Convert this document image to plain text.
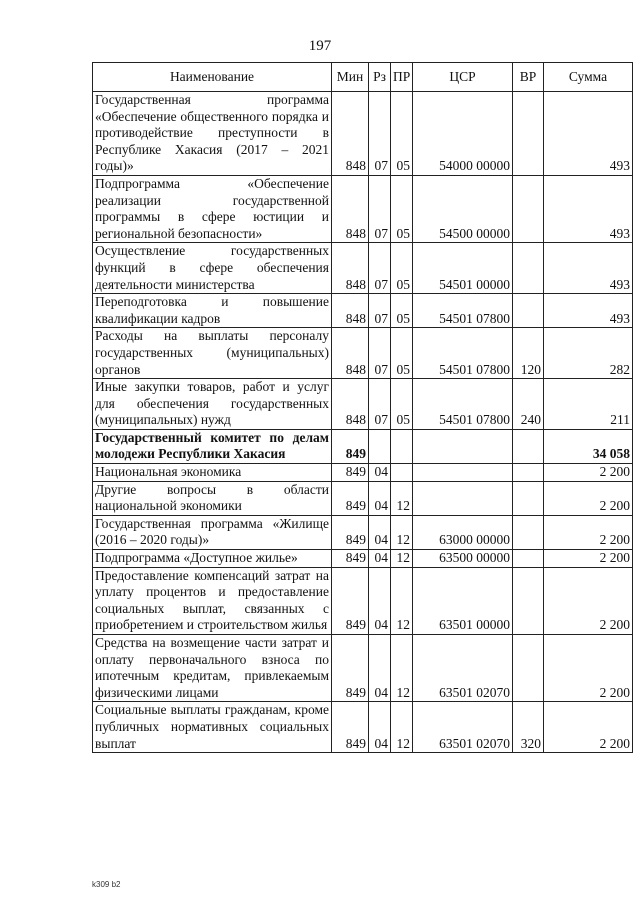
197
Наименование	Мин	Рз	ПР	ЦСР	ВР	Сумма
Государственная программа «Обеспечение общественного порядка и противодействие преступности в Республике Хакасия (2017 – 2021 годы)»	848	07	05	54000 00000		493
Подпрограмма «Обеспечение реализации государственной программы в сфере юстиции и региональной безопасности»	848	07	05	54500 00000		493
Осуществление государственных функций в сфере обеспечения деятельности министерства	848	07	05	54501 00000		493
Переподготовка и повышение квалификации кадров	848	07	05	54501 07800		493
Расходы на выплаты персоналу государственных (муниципальных) органов	848	07	05	54501 07800	120	282
Иные закупки товаров, работ и услуг для обеспечения государственных (муниципальных) нужд	848	07	05	54501 07800	240	211
Государственный комитет по делам молодежи Республики Хакасия	849					34 058
Национальная экономика	849	04				2 200
Другие вопросы в области национальной экономики	849	04	12			2 200
Государственная программа «Жилище (2016 – 2020 годы)»	849	04	12	63000 00000		2 200
Подпрограмма «Доступное жилье»	849	04	12	63500 00000		2 200
Предоставление компенсаций затрат на уплату процентов и предоставление социальных выплат, связанных с приобретением и строительством жилья	849	04	12	63501 00000		2 200
Средства на возмещение части затрат и оплату первоначального взноса по ипотечным кредитам, привлекаемым физическими лицами	849	04	12	63501 02070		2 200
Социальные выплаты гражданам, кроме публичных нормативных социальных выплат	849	04	12	63501 02070	320	2 200
k309 b2
